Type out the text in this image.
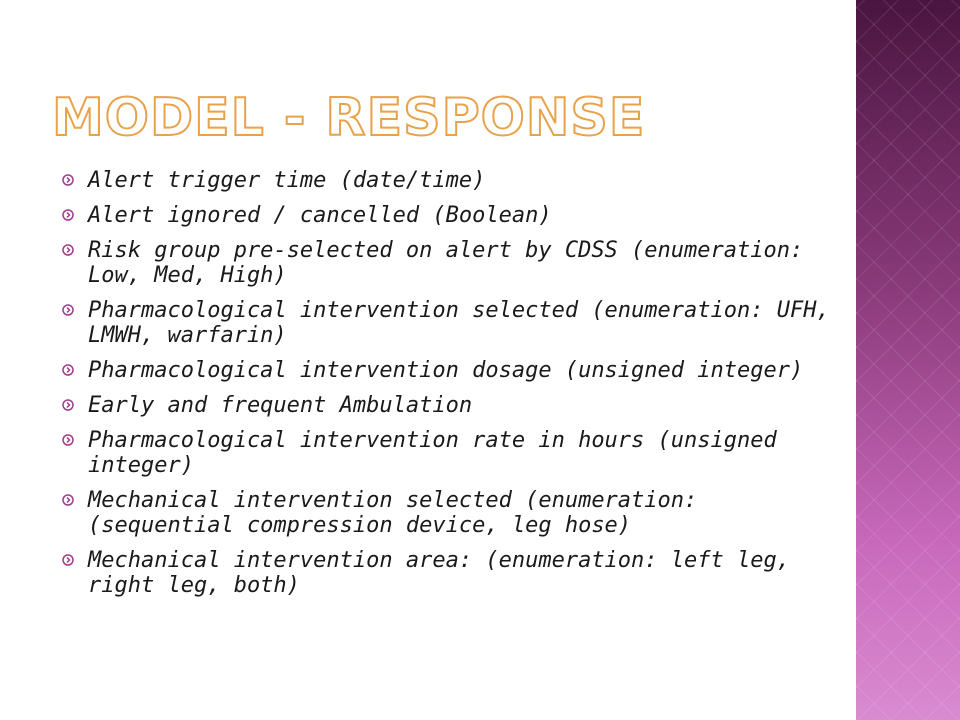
MODEL - RESPONSE
Alert trigger time (date/time)
Alert ignored / cancelled (Boolean)
Risk group pre-selected on alert by CDSS (enumeration: Low, Med, High)
Pharmacological intervention selected (enumeration: UFH, LMWH, warfarin)
Pharmacological intervention dosage (unsigned integer)
Early and frequent Ambulation
Pharmacological intervention rate in hours (unsigned integer)
Mechanical intervention selected (enumeration: (sequential compression device, leg hose)
Mechanical intervention area: (enumeration: left leg, right leg, both)
